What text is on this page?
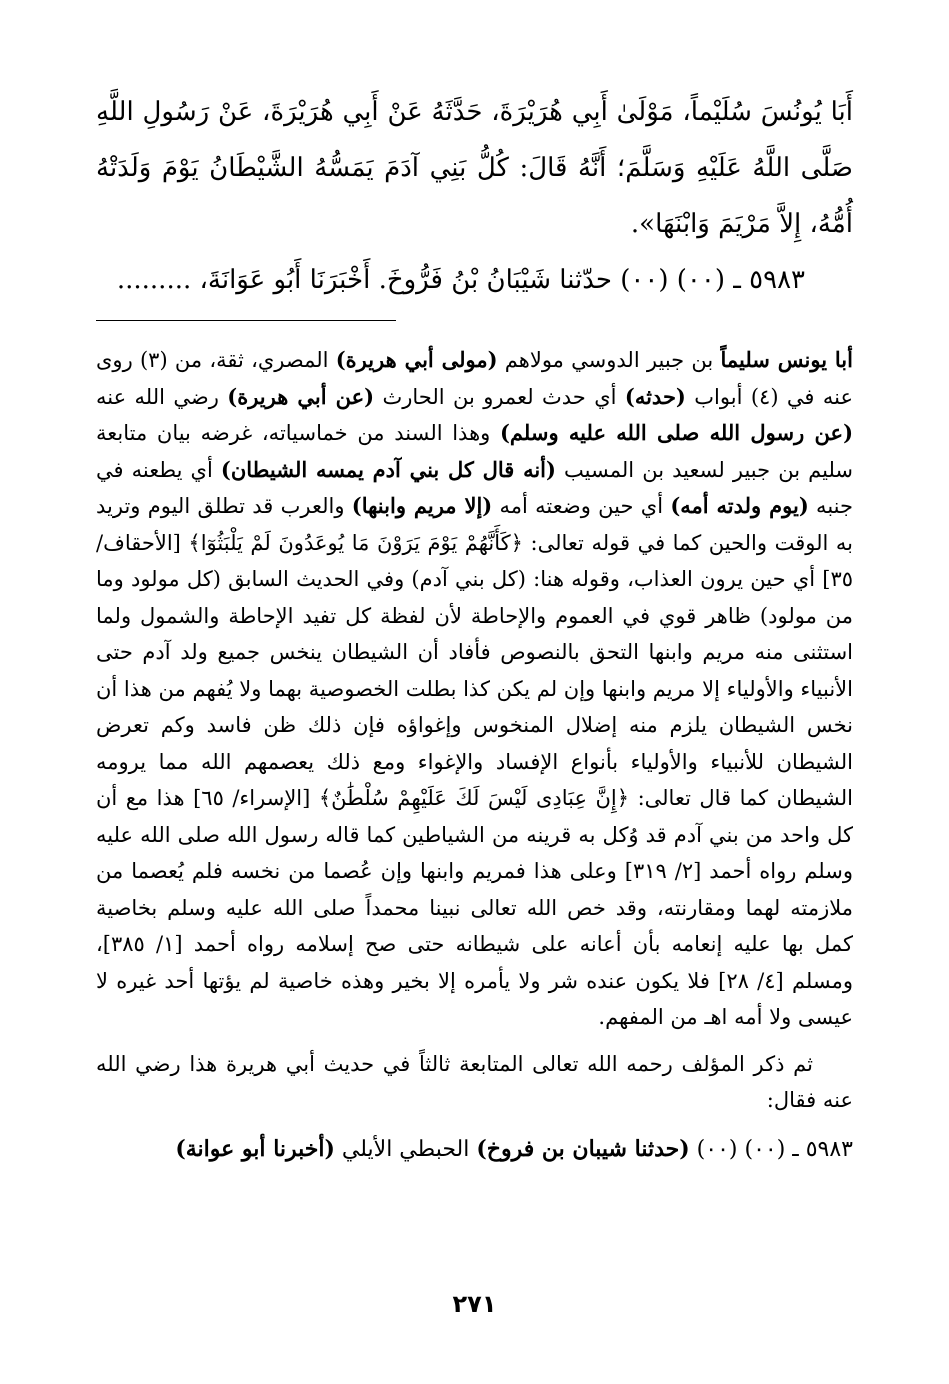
أَبَا يُونُسَ سُلَيْماً، مَوْلَىٰ أَبِي هُرَيْرَةَ، حَدَّثَهُ عَنْ أَبِي هُرَيْرَةَ، عَنْ رَسُولِ اللَّهِ صَلَّى اللَّهُ عَلَيْهِ وَسَلَّمَ؛ أَنَّهُ قَالَ: كُلُّ بَنِي آدَمَ يَمَسُّهُ الشَّيْطَانُ يَوْمَ وَلَدَتْهُ أُمُّهُ، إِلاَّ مَرْيَمَ وَابْنَهَا».

٥٩٨٣ ـ (٠٠) (٠٠) حدّثنا شَيْبَانُ بْنُ فَرُّوخَ. أَخْبَرَنَا أَبُو عَوَانَةَ، .........

أبا يونس سليماً بن جبير الدوسي مولاهم (مولى أبي هريرة) المصري، ثقة، من (٣) روى عنه في (٤) أبواب (حدثه) أي حدث لعمرو بن الحارث (عن أبي هريرة) رضي الله عنه (عن رسول الله صلى الله عليه وسلم) وهذا السند من خماسياته، غرضه بيان متابعة سليم بن جبير لسعيد بن المسيب (أنه قال كل بني آدم يمسه الشيطان) أي يطعنه في جنبه (يوم ولدته أمه) أي حين وضعته أمه (إلا مريم وابنها) والعرب قد تطلق اليوم وتريد به الوقت والحين كما في قوله تعالى: ﴿كَأَنَّهُمْ يَوْمَ يَرَوْنَ مَا يُوعَدُونَ لَمْ يَلْبَثُوٓا﴾ [الأحقاف/ ٣٥] أي حين يرون العذاب، وقوله هنا: (كل بني آدم) وفي الحديث السابق (كل مولود وما من مولود) ظاهر قوي في العموم والإحاطة لأن لفظة كل تفيد الإحاطة والشمول ولما استثنى منه مريم وابنها التحق بالنصوص فأفاد أن الشيطان ينخس جميع ولد آدم حتى الأنبياء والأولياء إلا مريم وابنها وإن لم يكن كذا بطلت الخصوصية بهما ولا يُفهم من هذا أن نخس الشيطان يلزم منه إضلال المنخوس وإغواؤه فإن ذلك ظن فاسد وكم تعرض الشيطان للأنبياء والأولياء بأنواع الإفساد والإغواء ومع ذلك يعصمهم الله مما يرومه الشيطان كما قال تعالى: ﴿إِنَّ عِبَادِى لَيْسَ لَكَ عَلَيْهِمْ سُلْطَٰنٌ﴾ [الإسراء/ ٦٥] هذا مع أن كل واحد من بني آدم قد وُكل به قرينه من الشياطين كما قاله رسول الله صلى الله عليه وسلم رواه أحمد [٢/ ٣١٩] وعلى هذا فمريم وابنها وإن عُصما من نخسه فلم يُعصما من ملازمته لهما ومقارنته، وقد خص الله تعالى نبينا محمداً صلى الله عليه وسلم بخاصية كمل بها عليه إنعامه بأن أعانه على شيطانه حتى صح إسلامه رواه أحمد [١/ ٣٨٥]، ومسلم [٤/ ٢٨] فلا يكون عنده شر ولا يأمره إلا بخير وهذه خاصية لم يؤتها أحد غيره لا عيسى ولا أمه اهـ من المفهم.

ثم ذكر المؤلف رحمه الله تعالى المتابعة ثالثاً في حديث أبي هريرة هذا رضي الله عنه فقال:

٥٩٨٣ ـ (٠٠) (٠٠) (حدثنا شيبان بن فروخ) الحبطي الأيلي (أخبرنا أبو عوانة)

٢٧١
